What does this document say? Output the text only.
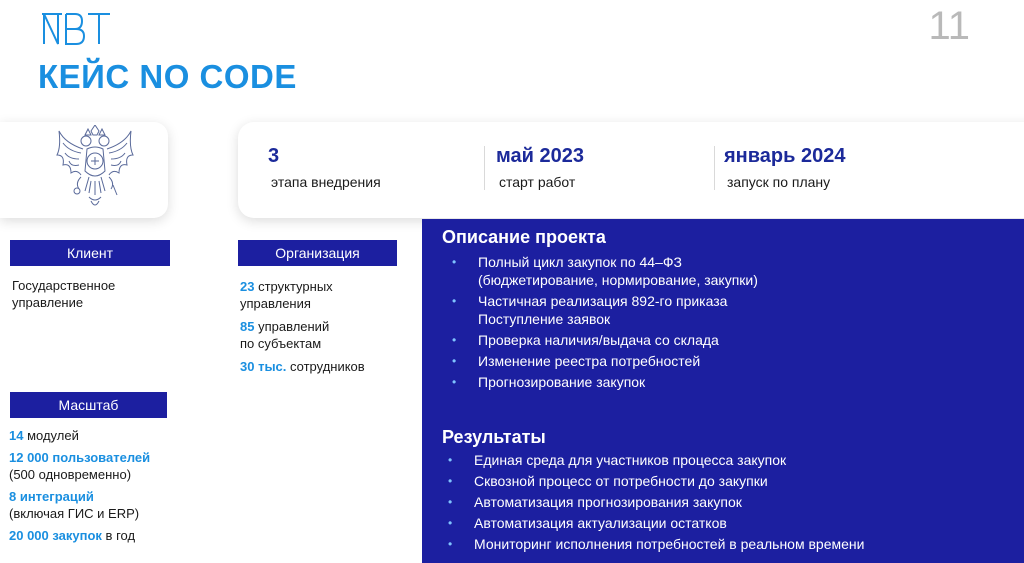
11
КЕЙС NO CODE
3
этапа внедрения
май 2023
старт работ
январь 2024
запуск по плану
Клиент
Государственное
управление
Организация
23 структурных
управления
85 управлений
по субъектам
30 тыс. сотрудников
Масштаб
14 модулей
12 000 пользователей
(500 одновременно)
8 интеграций
(включая ГИС и ERP)
20 000 закупок в год
Описание проекта
• Полный цикл закупок по 44–ФЗ
(бюджетирование, нормирование, закупки)
• Частичная реализация 892-го приказа
Поступление заявок
• Проверка наличия/выдача со склада
• Изменение реестра потребностей
• Прогнозирование закупок
Результаты
• Единая среда для участников процесса закупок
• Сквозной процесс от потребности до закупки
• Автоматизация прогнозирования закупок
• Автоматизация актуализации остатков
• Мониторинг исполнения потребностей в реальном времени
